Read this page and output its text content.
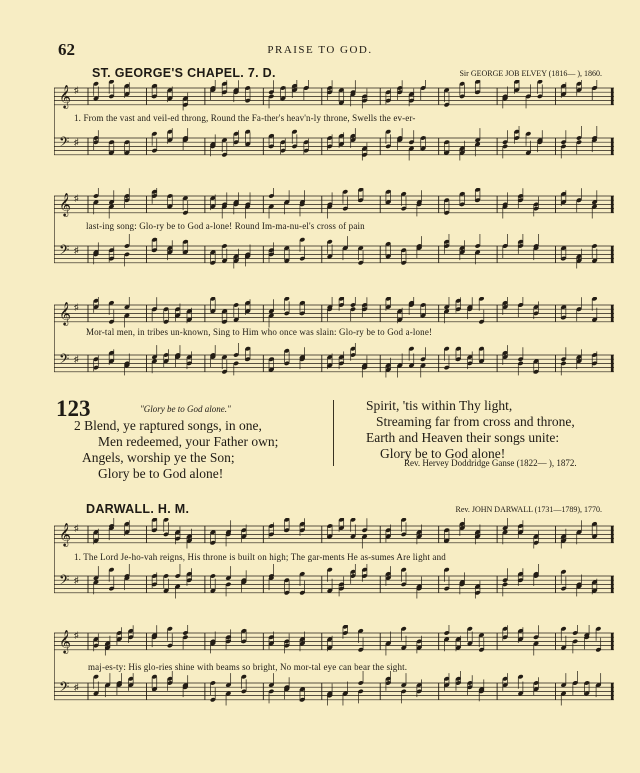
62	PRAISE TO GOD.
ST. GEORGE'S CHAPEL. 7. D.	Sir GEORGE JOB ELVEY (1816— ), 1860.
𝄞
𝄢
♯
♯
1. From the vast and veil-ed throng, Round the Fa-ther's heav'n-ly throne, Swells the ev-er-
𝄞
𝄢
♯
♯
last-ing song: Glo-ry be to God a-lone! Round Im-ma-nu-el's cross of pain
𝄞
𝄢
♯
♯
Mor-tal men, in tribes un-known, Sing to Him who once was slain: Glo-ry be to God a-lone!
123	"Glory be to God alone."
2 Blend, ye raptured songs, in one,
Men redeemed, your Father own;
Angels, worship ye the Son;
Glory be to God alone!
Spirit, 'tis within Thy light,
Streaming far from cross and throne,
Earth and Heaven their songs unite:
Glory be to God alone!
Rev. Hervey Doddridge Ganse (1822— ), 1872.
DARWALL. H. M.	Rev. JOHN DARWALL (1731—1789), 1770.
𝄞
𝄢
♯
♯
1. The Lord Je-ho-vah reigns, His throne is built on high; The gar-ments He as-sumes Are light and
𝄞
𝄢
♯
♯
maj-es-ty: His glo-ries shine with beams so bright, No mor-tal eye can bear the sight.
